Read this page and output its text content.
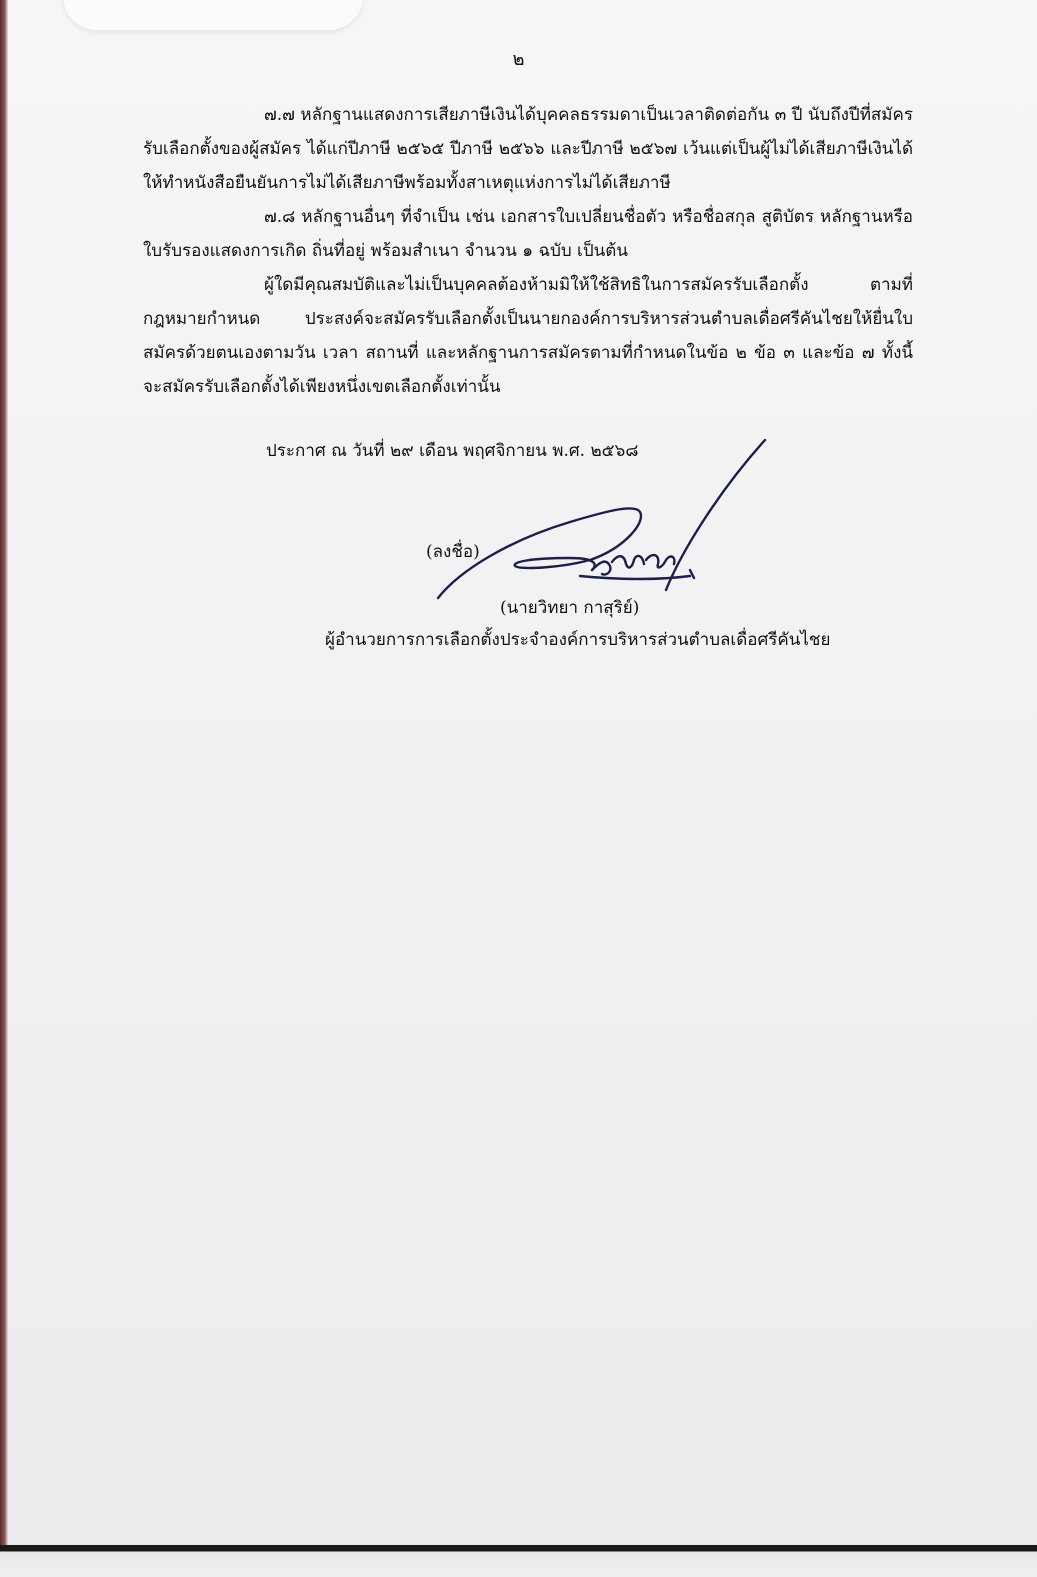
๒

๗.๗ หลักฐานแสดงการเสียภาษีเงินได้บุคคลธรรมดาเป็นเวลาติดต่อกัน ๓ ปี นับถึงปีที่สมัครรับเลือกตั้งของผู้สมัคร ได้แก่ปีภาษี ๒๕๖๕ ปีภาษี ๒๕๖๖ และปีภาษี ๒๕๖๗ เว้นแต่เป็นผู้ไม่ได้เสียภาษีเงินได้ ให้ทำหนังสือยืนยันการไม่ได้เสียภาษีพร้อมทั้งสาเหตุแห่งการไม่ได้เสียภาษี

๗.๘ หลักฐานอื่นๆ ที่จำเป็น เช่น เอกสารใบเปลี่ยนชื่อตัว หรือชื่อสกุล สูติบัตร หลักฐานหรือใบรับรองแสดงการเกิด ถิ่นที่อยู่ พร้อมสำเนา จำนวน ๑ ฉบับ เป็นต้น

ผู้ใดมีคุณสมบัติและไม่เป็นบุคคลต้องห้ามมิให้ใช้สิทธิในการสมัครรับเลือกตั้ง ตามที่กฎหมายกำหนด ประสงค์จะสมัครรับเลือกตั้งเป็นนายกองค์การบริหารส่วนตำบลเดื่อศรีคันไชยให้ยื่นใบสมัครด้วยตนเองตามวัน เวลา สถานที่ และหลักฐานการสมัครตามที่กำหนดในข้อ ๒ ข้อ ๓ และข้อ ๗ ทั้งนี้ จะสมัครรับเลือกตั้งได้เพียงหนึ่งเขตเลือกตั้งเท่านั้น

ประกาศ ณ วันที่ ๒๙ เดือน พฤศจิกายน พ.ศ. ๒๕๖๘
(ลงชื่อ)
(นายวิทยา กาสุริย์)
ผู้อำนวยการการเลือกตั้งประจำองค์การบริหารส่วนตำบลเดื่อศรีคันไชย
